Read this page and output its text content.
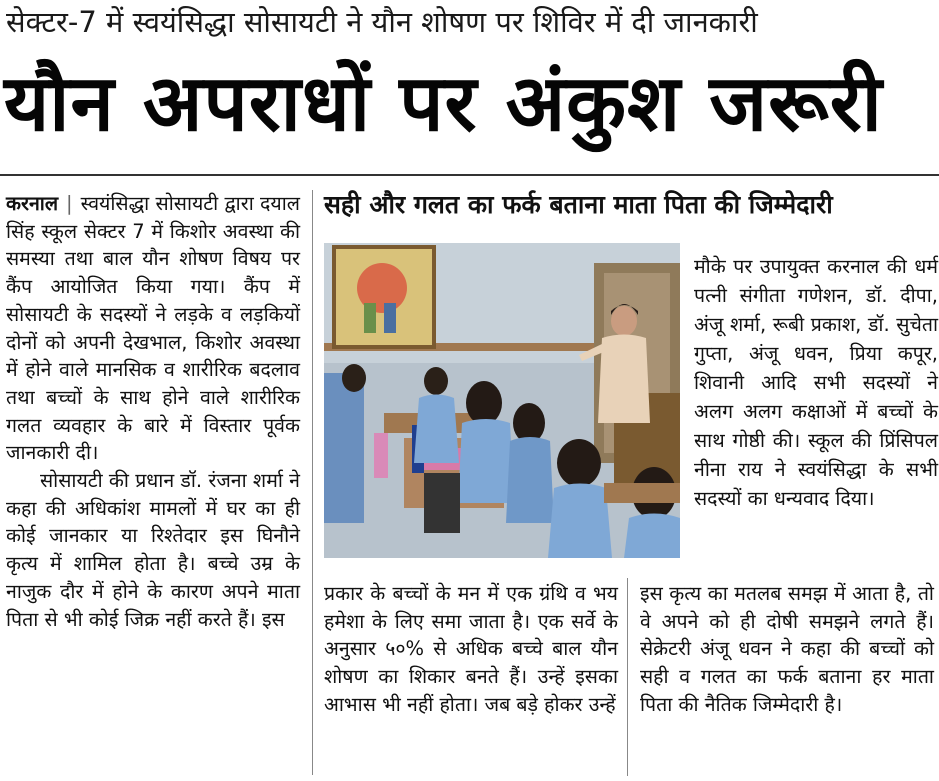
सेक्टर-7 में स्वयंसिद्धा सोसायटी ने यौन शोषण पर शिविर में दी जानकारी
यौन अपराधों पर अंकुश जरूरी

करनाल | स्वयंसिद्धा सोसायटी द्वारा दयाल सिंह स्कूल सेक्टर 7 में किशोर अवस्था की समस्या तथा बाल यौन शोषण विषय पर कैंप आयोजित किया गया। कैंप में सोसायटी के सदस्यों ने लड़के व लड़कियों दोनों को अपनी देखभाल, किशोर अवस्था में होने वाले मानसिक व शारीरिक बदलाव तथा बच्चों के साथ होने वाले शारीरिक गलत व्यवहार के बारे में विस्तार पूर्वक जानकारी दी।

सोसायटी की प्रधान डॉ. रंजना शर्मा ने कहा की अधिकांश मामलों में घर का ही कोई जानकार या रिश्तेदार इस घिनौने कृत्य में शामिल होता है। बच्चे उम्र के नाजुक दौर में होने के कारण अपने माता पिता से भी कोई जिक्र नहीं करते हैं। इस

सही और गलत का फर्क बताना माता पिता की जिम्मेदारी

मौके पर उपायुक्त करनाल की धर्म पत्नी संगीता गणेशन, डॉ. दीपा, अंजू शर्मा, रूबी प्रकाश, डॉ. सुचेता गुप्ता, अंजू धवन, प्रिया कपूर, शिवानी आदि सभी सदस्यों ने अलग अलग कक्षाओं में बच्चों के साथ गोष्ठी की। स्कूल की प्रिंसिपल नीना राय ने स्वयंसिद्धा के सभी सदस्यों का धन्यवाद दिया।

प्रकार के बच्चों के मन में एक ग्रंथि व भय हमेशा के लिए समा जाता है। एक सर्वे के अनुसार ५०% से अधिक बच्चे बाल यौन शोषण का शिकार बनते हैं। उन्हें इसका आभास भी नहीं होता। जब बड़े होकर उन्हें

इस कृत्य का मतलब समझ में आता है, तो वे अपने को ही दोषी समझने लगते हैं। सेक्रेटरी अंजू धवन ने कहा की बच्चों को सही व गलत का फर्क बताना हर माता पिता की नैतिक जिम्मेदारी है।
